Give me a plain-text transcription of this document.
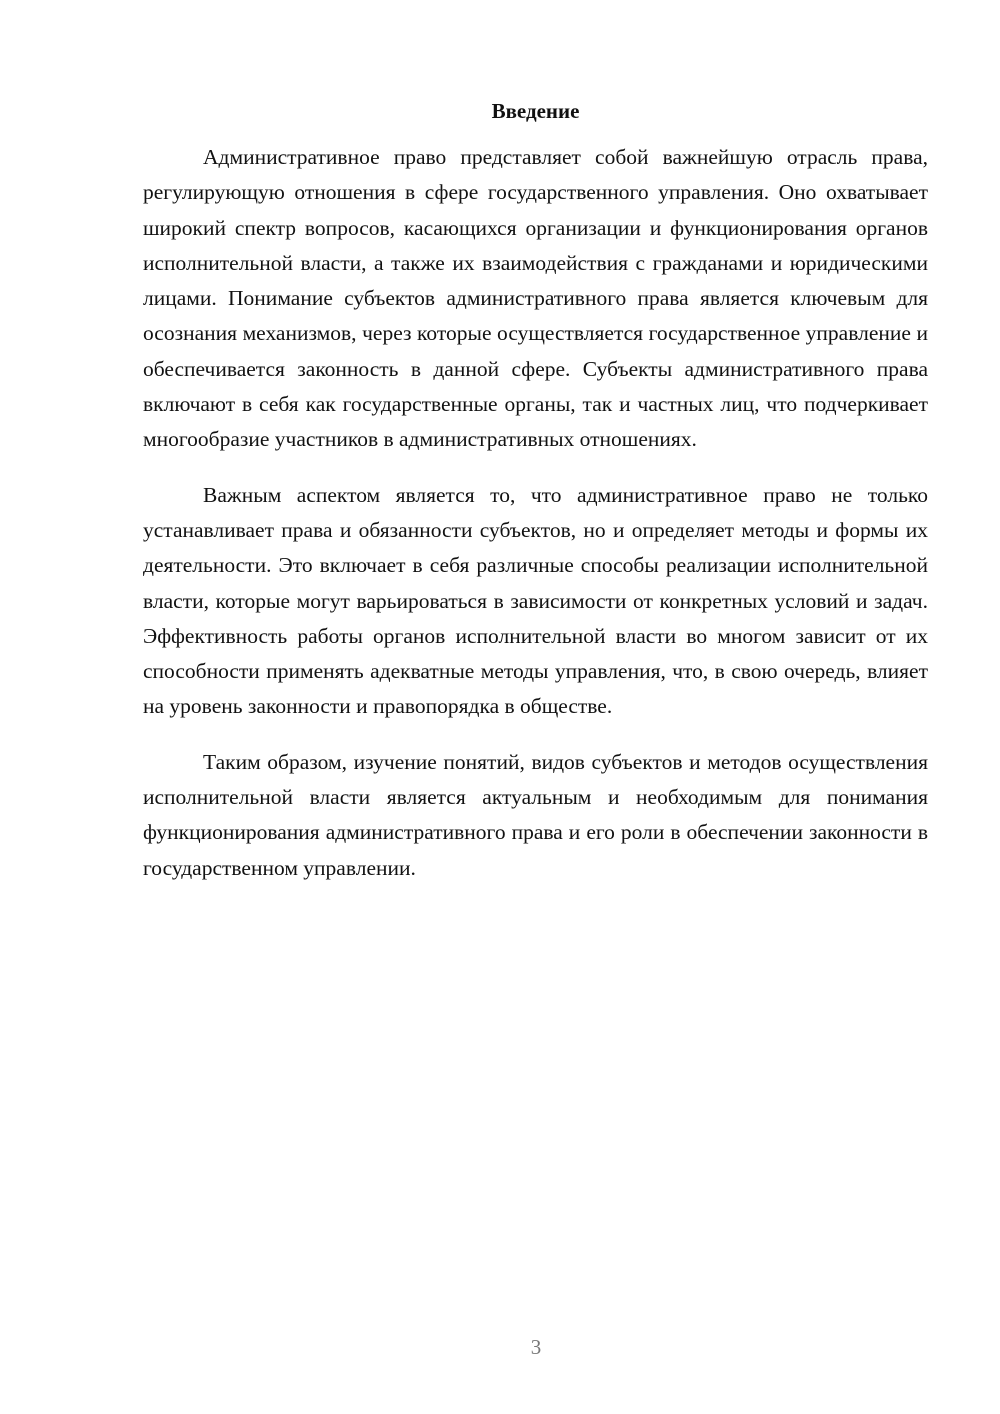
Введение

Административное право представляет собой важнейшую отрасль права, регулирующую отношения в сфере государственного управления. Оно охватывает широкий спектр вопросов, касающихся организации и функционирования органов исполнительной власти, а также их взаимодействия с гражданами и юридическими лицами. Понимание субъектов административного права является ключевым для осознания механизмов, через которые осуществляется государственное управление и обеспечивается законность в данной сфере. Субъекты административного права включают в себя как государственные органы, так и частных лиц, что подчеркивает многообразие участников в административных отношениях.

Важным аспектом является то, что административное право не только устанавливает права и обязанности субъектов, но и определяет методы и формы их деятельности. Это включает в себя различные способы реализации исполнительной власти, которые могут варьироваться в зависимости от конкретных условий и задач. Эффективность работы органов исполнительной власти во многом зависит от их способности применять адекватные методы управления, что, в свою очередь, влияет на уровень законности и правопорядка в обществе.

Таким образом, изучение понятий, видов субъектов и методов осуществления исполнительной власти является актуальным и необходимым для понимания функционирования административного права и его роли в обеспечении законности в государственном управлении.

3
